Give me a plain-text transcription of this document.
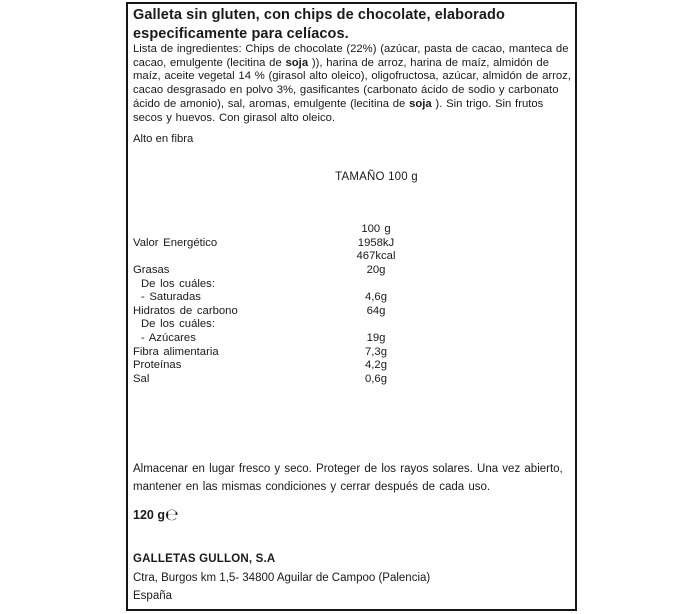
Galleta sin gluten, con chips de chocolate, elaborado especificamente para celíacos.

Lista de ingredientes: Chips de chocolate (22%) (azúcar, pasta de cacao, manteca de cacao, emulgente (lecitina de soja )), harina de arroz, harina de maíz, almidón de maíz, aceite vegetal 14 % (girasol alto oleico), oligofructosa, azúcar, almidón de arroz, cacao desgrasado en polvo 3%, gasificantes (carbonato ácido de sodio y carbonato ácido de amonio), sal, aromas, emulgente (lecitina de soja ). Sin trigo. Sin frutos secos y huevos. Con girasol alto oleico.

Alto en fibra
TAMAÑO 100 g
100 g
Valor Energético	1958kJ
467kcal
Grasas	20g
De los cuáles:
- Saturadas	4,6g
Hidratos de carbono	64g
De los cuáles:
- Azúcares	19g
Fibra alimentaria	7,3g
Proteínas	4,2g
Sal	0,6g

Almacenar en lugar fresco y seco. Proteger de los rayos solares. Una vez abierto, mantener en las mismas condiciones y cerrar después de cada uso.

120 g℮
GALLETAS GULLON, S.A
Ctra, Burgos km 1,5- 34800 Aguilar de Campoo (Palencia)
España
